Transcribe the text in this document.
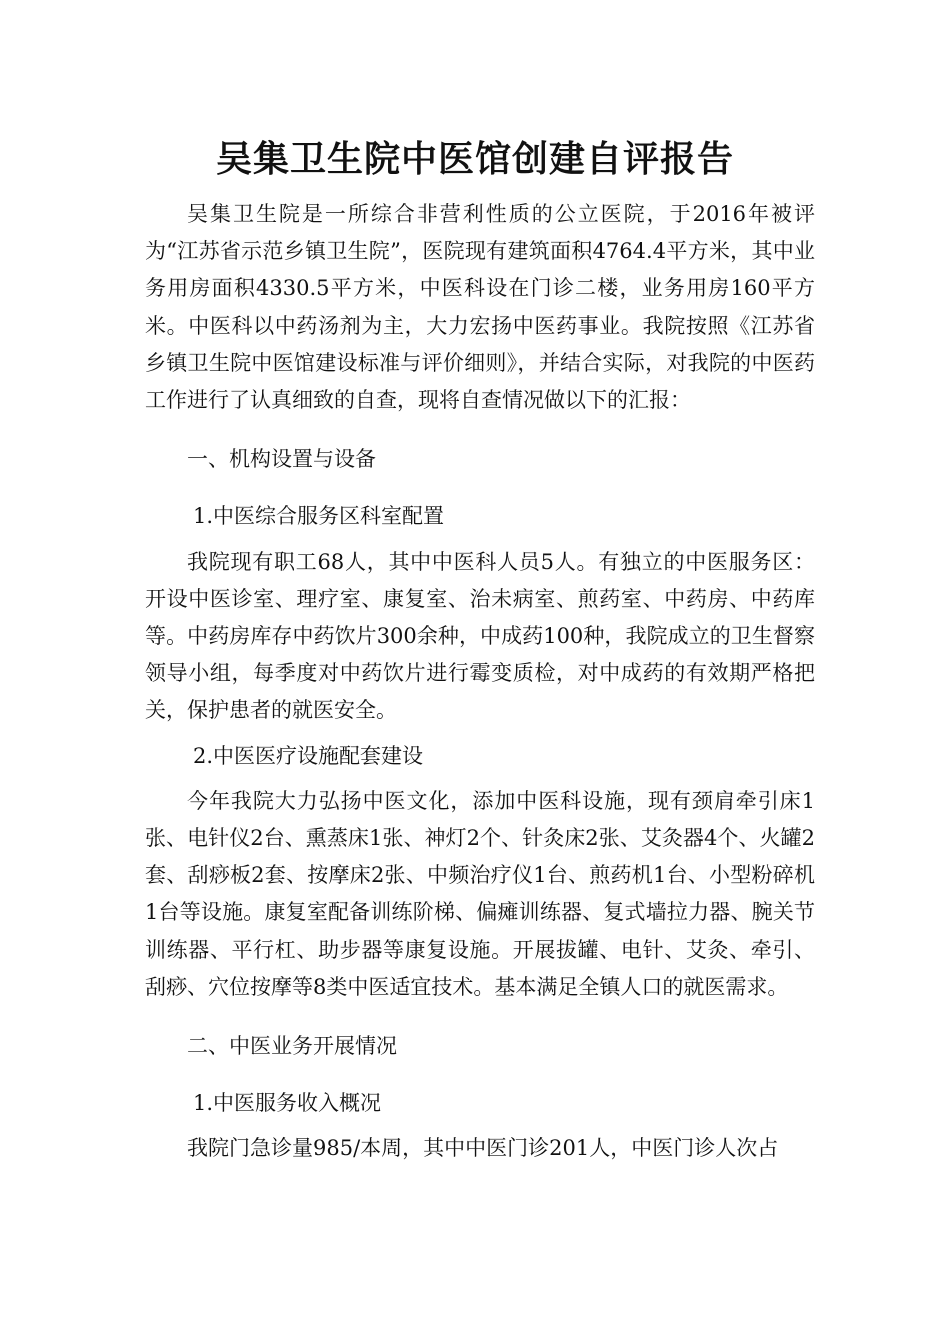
吴集卫生院中医馆创建自评报告

吴集卫生院是一所综合非营利性质的公立医院，于2016年被评为“江苏省示范乡镇卫生院”，医院现有建筑面积4764.4平方米，其中业务用房面积4330.5平方米，中医科设在门诊二楼，业务用房160平方米。中医科以中药汤剂为主，大力宏扬中医药事业。我院按照《江苏省乡镇卫生院中医馆建设标准与评价细则》，并结合实际，对我院的中医药工作进行了认真细致的自查，现将自查情况做以下的汇报：

一、机构设置与设备

1.中医综合服务区科室配置

我院现有职工68人，其中中医科人员5人。有独立的中医服务区：开设中医诊室、理疗室、康复室、治未病室、煎药室、中药房、中药库等。中药房库存中药饮片300余种，中成药100种，我院成立的卫生督察领导小组，每季度对中药饮片进行霉变质检，对中成药的有效期严格把关，保护患者的就医安全。

2.中医医疗设施配套建设

今年我院大力弘扬中医文化，添加中医科设施，现有颈肩牵引床1张、电针仪2台、熏蒸床1张、神灯2个、针灸床2张、艾灸器4个、火罐2套、刮痧板2套、按摩床2张、中频治疗仪1台、煎药机1台、小型粉碎机1台等设施。康复室配备训练阶梯、偏瘫训练器、复式墙拉力器、腕关节训练器、平行杠、助步器等康复设施。开展拔罐、电针、艾灸、牵引、刮痧、穴位按摩等8类中医适宜技术。基本满足全镇人口的就医需求。

二、中医业务开展情况

1.中医服务收入概况

我院门急诊量985/本周，其中中医门诊201人，中医门诊人次占
